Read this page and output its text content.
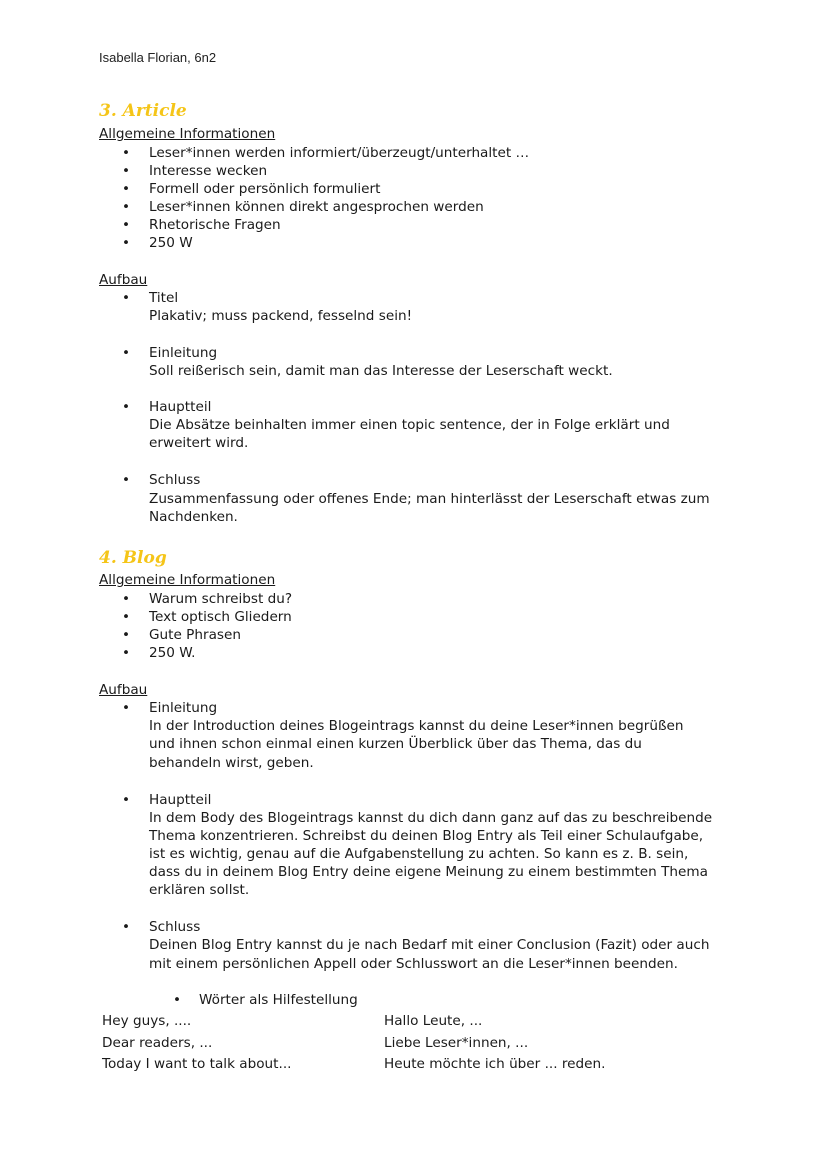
Isabella Florian, 6n2
3. Article
Allgemeine Informationen
•	Leser*innen werden informiert/überzeugt/unterhaltet …
•	Interesse wecken
•	Formell oder persönlich formuliert
•	Leser*innen können direkt angesprochen werden
•	Rhetorische Fragen
•	250 W
Aufbau
•	Titel
Plakativ; muss packend, fesselnd sein!
•	Einleitung
Soll reißerisch sein, damit man das Interesse der Leserschaft weckt.
•	Hauptteil
Die Absätze beinhalten immer einen topic sentence, der in Folge erklärt und
erweitert wird.
•	Schluss
Zusammenfassung oder offenes Ende; man hinterlässt der Leserschaft etwas zum
Nachdenken.
4. Blog
Allgemeine Informationen
•	Warum schreibst du?
•	Text optisch Gliedern
•	Gute Phrasen
•	250 W.
Aufbau
•	Einleitung
In der Introduction deines Blogeintrags kannst du deine Leser*innen begrüßen
und ihnen schon einmal einen kurzen Überblick über das Thema, das du
behandeln wirst, geben.
•	Hauptteil
In dem Body des Blogeintrags kannst du dich dann ganz auf das zu beschreibende
Thema konzentrieren. Schreibst du deinen Blog Entry als Teil einer Schulaufgabe,
ist es wichtig, genau auf die Aufgabenstellung zu achten. So kann es z. B. sein,
dass du in deinem Blog Entry deine eigene Meinung zu einem bestimmten Thema
erklären sollst.
•	Schluss
Deinen Blog Entry kannst du je nach Bedarf mit einer Conclusion (Fazit) oder auch
mit einem persönlichen Appell oder Schlusswort an die Leser*innen beenden.
•	Wörter als Hilfestellung
Hey guys, ....	Hallo Leute, ...
Dear readers, ...	Liebe Leser*innen, ...
Today I want to talk about...	Heute möchte ich über ... reden.
